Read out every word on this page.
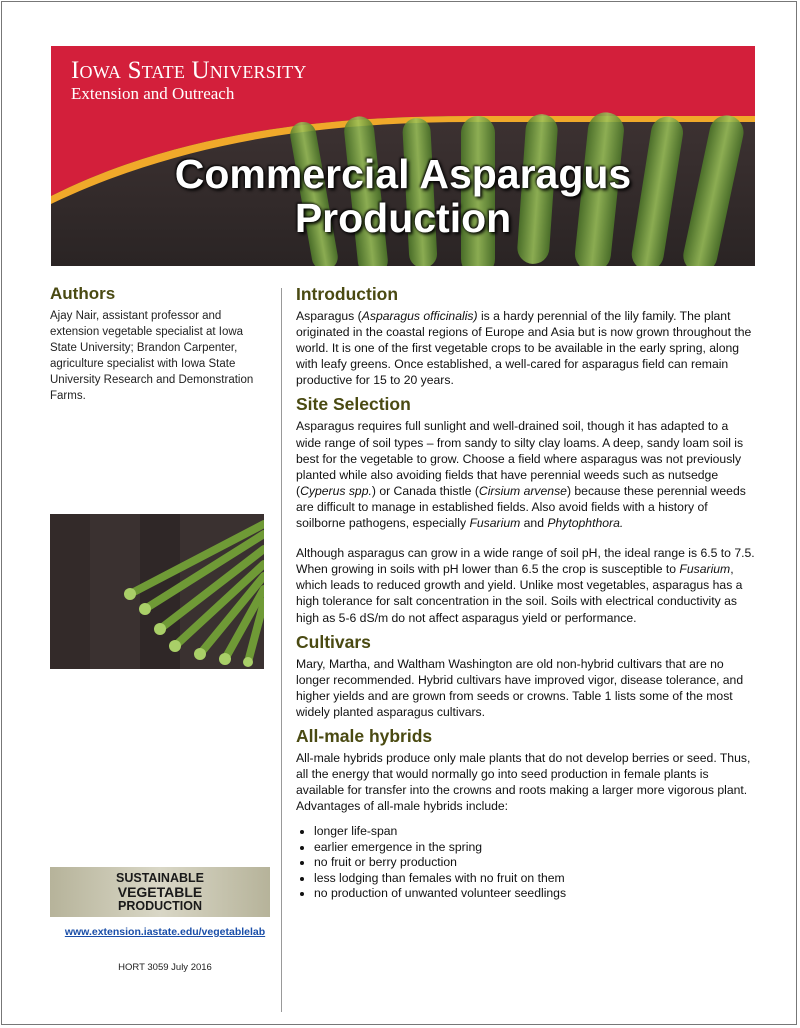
Iowa State University
Extension and Outreach
Commercial Asparagus
Production
Authors
Ajay Nair, assistant professor and extension vegetable specialist at Iowa State University; Brandon Carpenter, agriculture specialist with Iowa State University Research and Demonstration Farms.
SUSTAINABLE
VEGETABLE
PRODUCTION
www.extension.iastate.edu/vegetablelab
HORT 3059 July 2016
Introduction

Asparagus (Asparagus officinalis) is a hardy perennial of the lily family. The plant originated in the coastal regions of Europe and Asia but is now grown throughout the world. It is one of the first vegetable crops to be available in the early spring, along with leafy greens. Once established, a well-cared for asparagus field can remain productive for 15 to 20 years.

Site Selection

Asparagus requires full sunlight and well-drained soil, though it has adapted to a wide range of soil types – from sandy to silty clay loams. A deep, sandy loam soil is best for the vegetable to grow. Choose a field where asparagus was not previously planted while also avoiding fields that have perennial weeds such as nutsedge (Cyperus spp.) or Canada thistle (Cirsium arvense) because these perennial weeds are difficult to manage in established fields. Also avoid fields with a history of soilborne pathogens, especially Fusarium and Phytophthora.

Although asparagus can grow in a wide range of soil pH, the ideal range is 6.5 to 7.5. When growing in soils with pH lower than 6.5 the crop is susceptible to Fusarium, which leads to reduced growth and yield. Unlike most vegetables, asparagus has a high tolerance for salt concentration in the soil. Soils with electrical conductivity as high as 5-6 dS/m do not affect asparagus yield or performance.

Cultivars

Mary, Martha, and Waltham Washington are old non-hybrid cultivars that are no longer recommended. Hybrid cultivars have improved vigor, disease tolerance, and higher yields and are grown from seeds or crowns. Table 1 lists some of the most widely planted asparagus cultivars.

All-male hybrids

All-male hybrids produce only male plants that do not develop berries or seed. Thus, all the energy that would normally go into seed production in female plants is available for transfer into the crowns and roots making a larger more vigorous plant. Advantages of all-male hybrids include:

• longer life-span
• earlier emergence in the spring
• no fruit or berry production
• less lodging than females with no fruit on them
• no production of unwanted volunteer seedlings
